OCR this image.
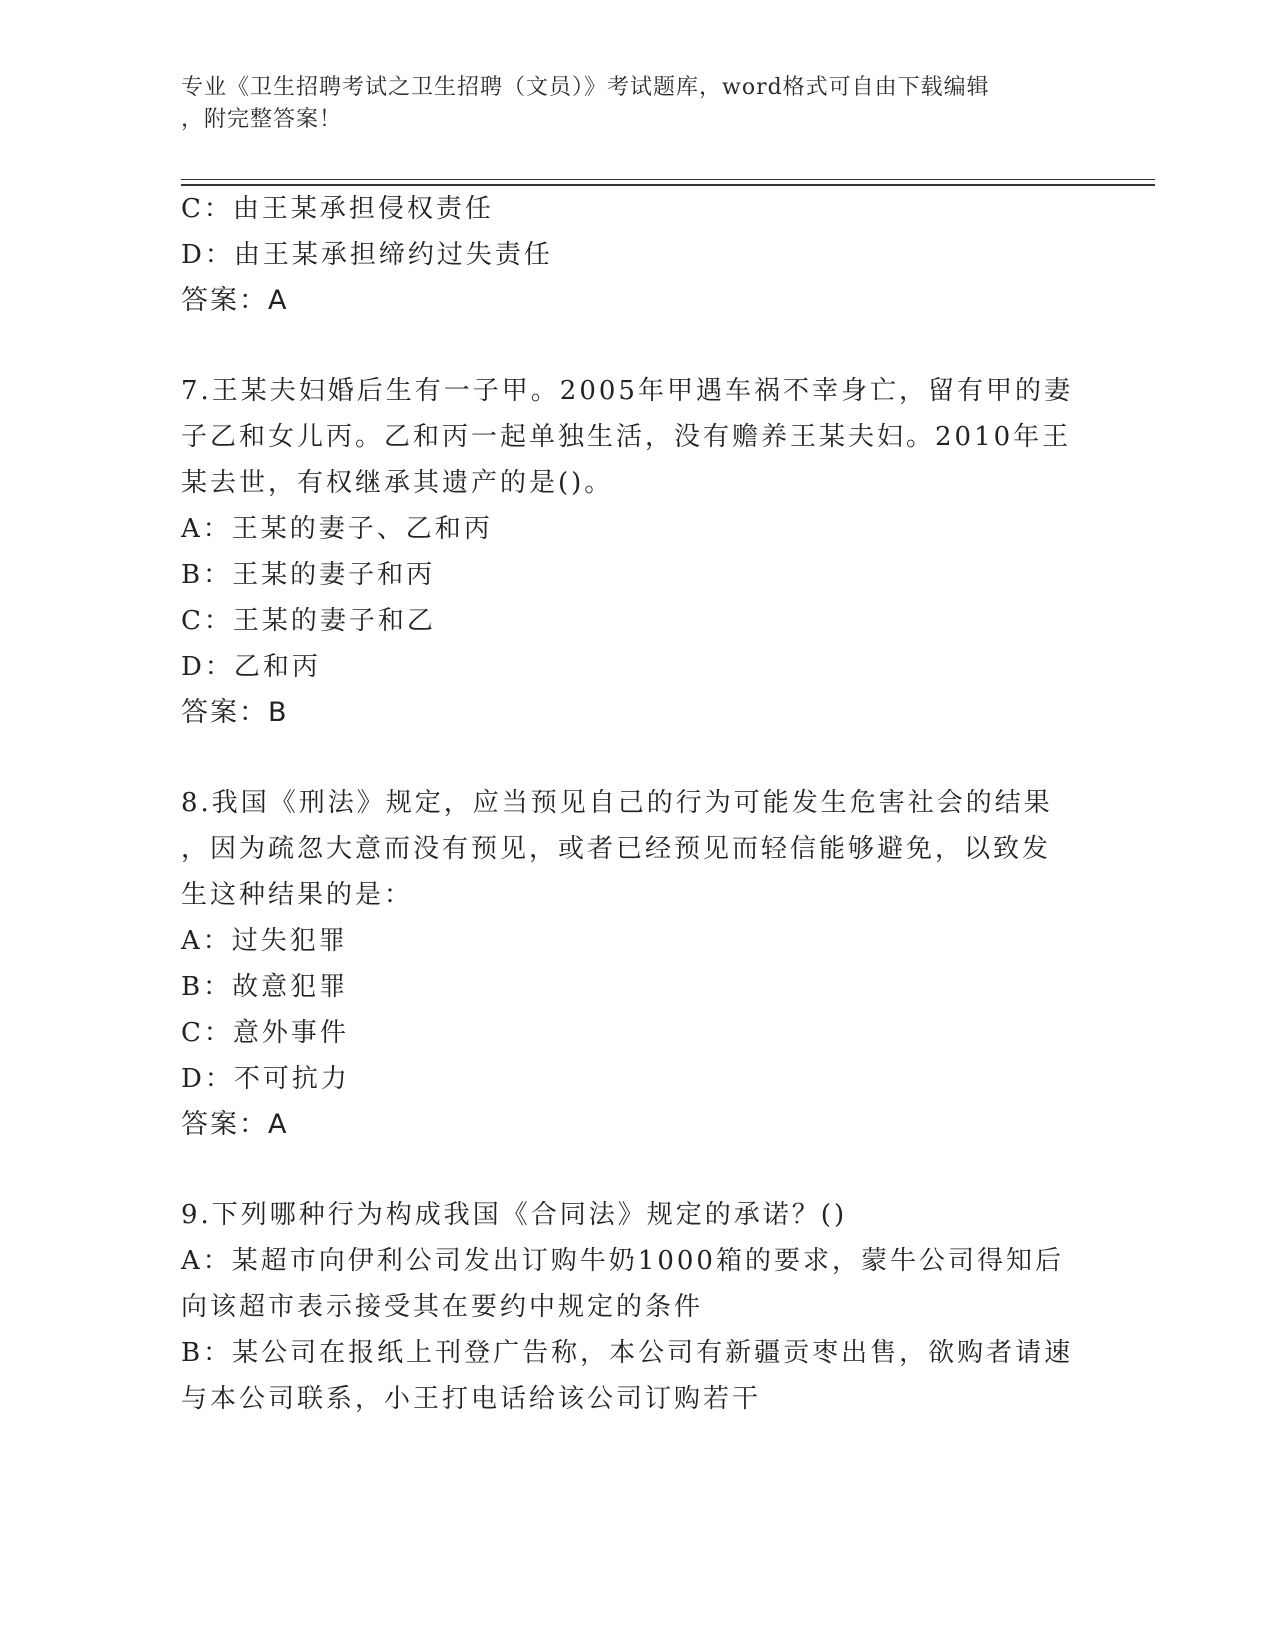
专业《卫生招聘考试之卫生招聘（文员）》考试题库，word格式可自由下载编辑
，附完整答案！
C：由王某承担侵权责任
D：由王某承担缔约过失责任
答案：A
7.王某夫妇婚后生有一子甲。2005年甲遇车祸不幸身亡，留有甲的妻
子乙和女儿丙。乙和丙一起单独生活，没有赡养王某夫妇。2010年王
某去世，有权继承其遗产的是()。
A：王某的妻子、乙和丙
B：王某的妻子和丙
C：王某的妻子和乙
D：乙和丙
答案：B
8.我国《刑法》规定，应当预见自己的行为可能发生危害社会的结果
，因为疏忽大意而没有预见，或者已经预见而轻信能够避免，以致发
生这种结果的是：
A：过失犯罪
B：故意犯罪
C：意外事件
D：不可抗力
答案：A
9.下列哪种行为构成我国《合同法》规定的承诺？()
A：某超市向伊利公司发出订购牛奶1000箱的要求，蒙牛公司得知后
向该超市表示接受其在要约中规定的条件
B：某公司在报纸上刊登广告称，本公司有新疆贡枣出售，欲购者请速
与本公司联系，小王打电话给该公司订购若干
